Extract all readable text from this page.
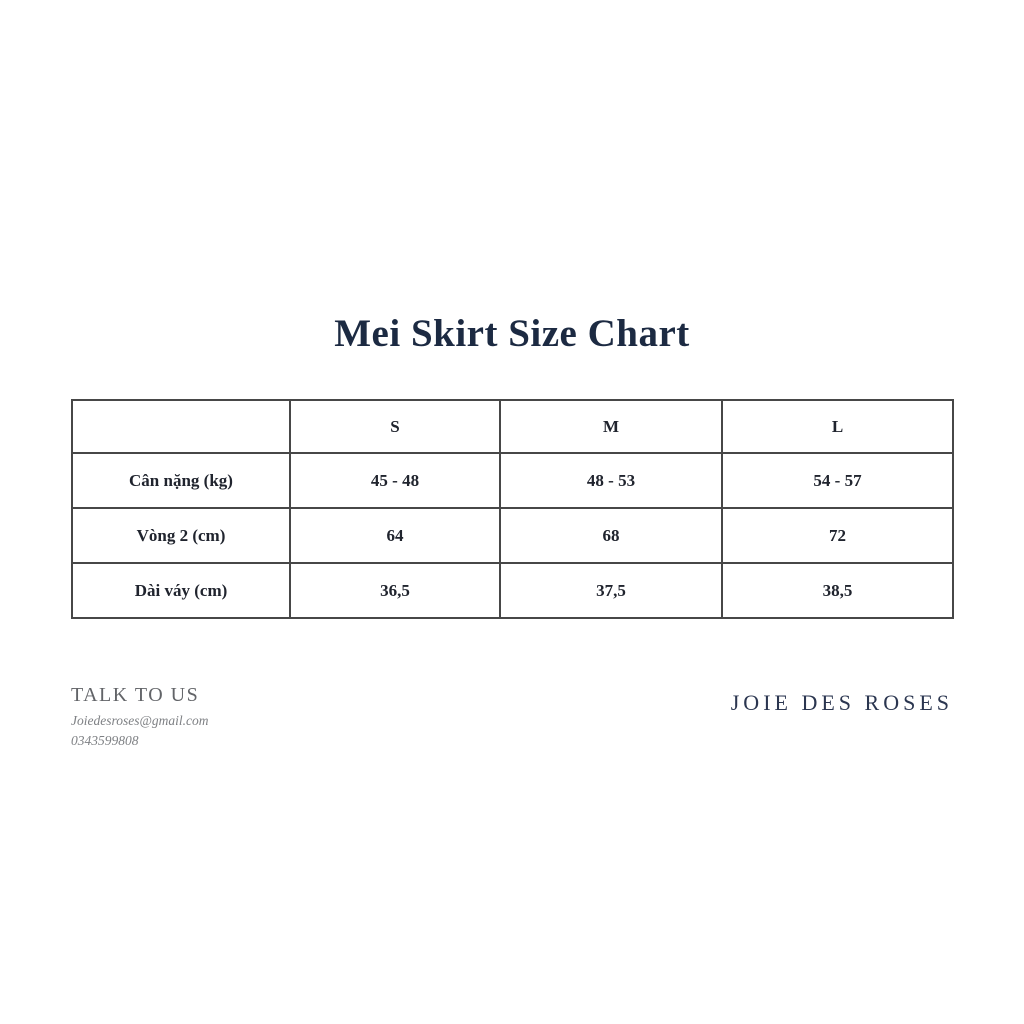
Mei Skirt Size Chart
	S	M	L
Cân nặng (kg)	45 - 48	48 - 53	54 - 57
Vòng 2 (cm)	64	68	72
Dài váy (cm)	36,5	37,5	38,5
TALK TO US
Joiedesroses@gmail.com
0343599808
JOIE DES ROSES
